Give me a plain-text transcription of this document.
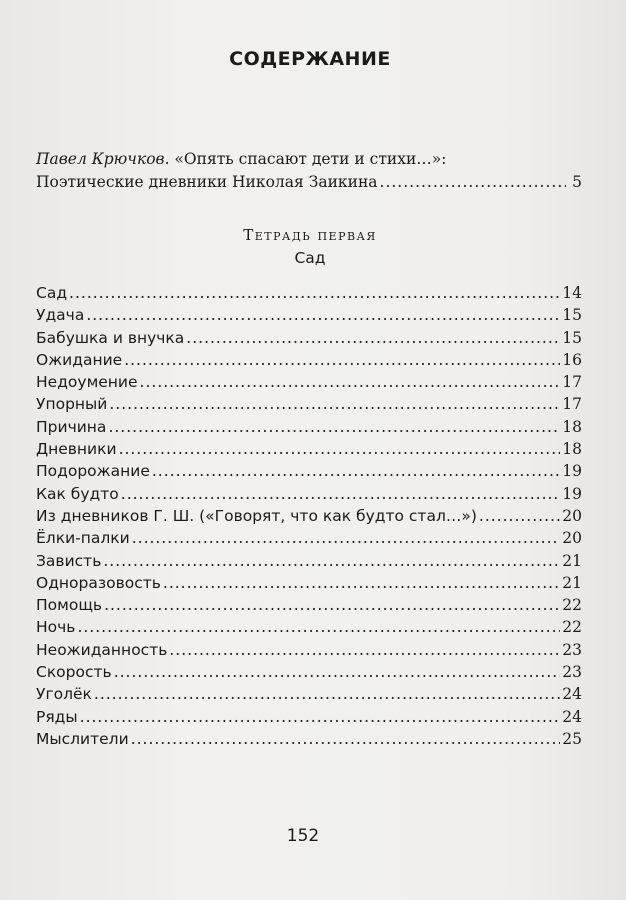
СОДЕРЖАНИЕ
Павел Крючков. «Опять спасают дети и стихи…»:
Поэтические дневники Николая Заикина .....	5
Тетрадь первая
Сад
Сад .....	14
Удача .....	15
Бабушка и внучка .....	15
Ожидание .....	16
Недоумение .....	17
Упорный .....	17
Причина .....	18
Дневники .....	18
Подорожание .....	19
Как будто .....	19
Из дневников Г. Ш. («Говорят, что как будто стал…») .....	20
Ёлки-палки .....	20
Зависть .....	21
Одноразовость .....	21
Помощь .....	22
Ночь .....	22
Неожиданность .....	23
Скорость .....	23
Уголёк .....	24
Ряды .....	24
Мыслители .....	25
152
